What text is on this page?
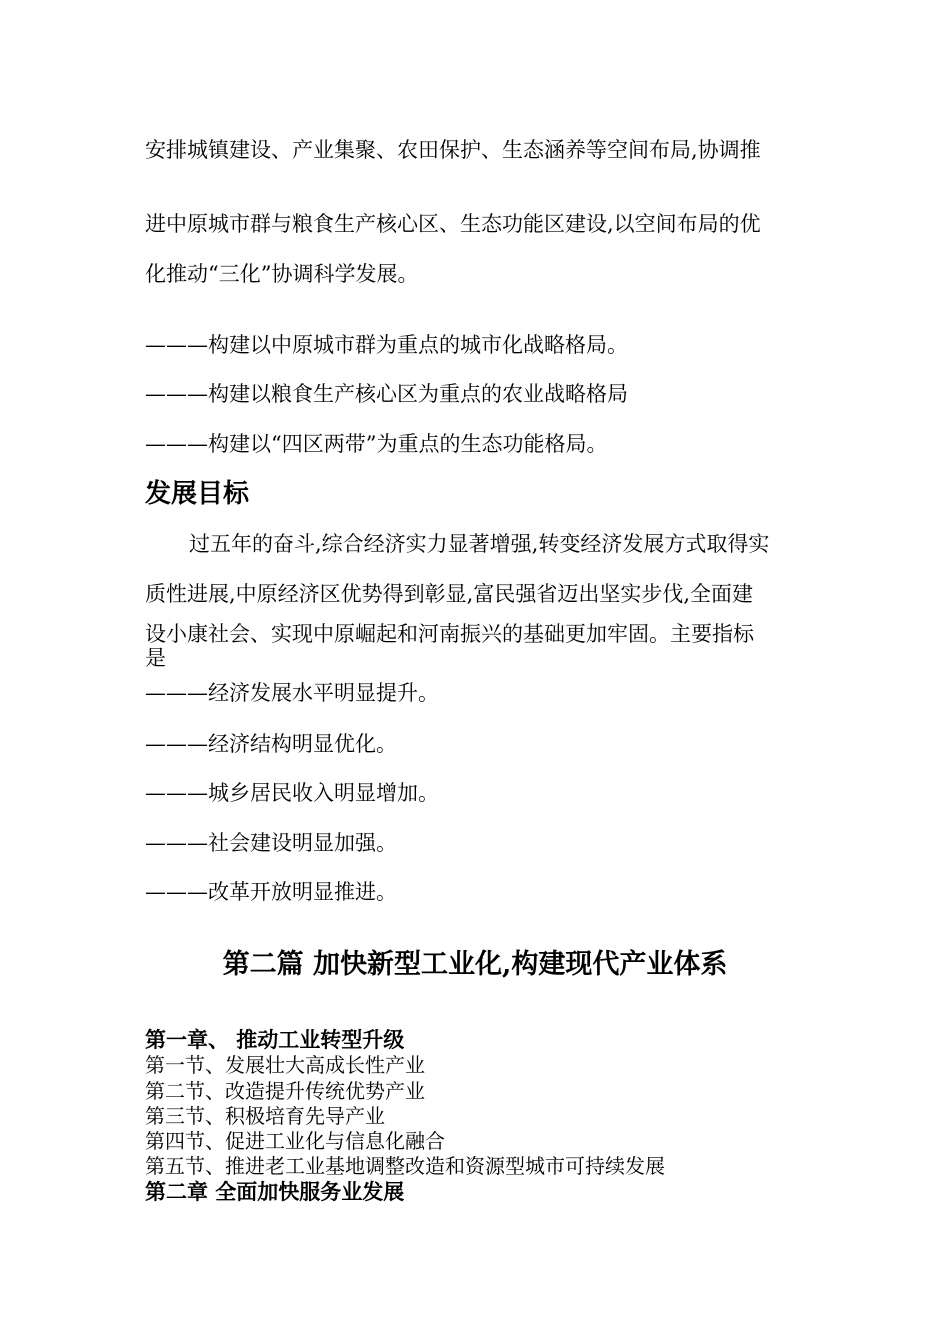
安排城镇建设、产业集聚、农田保护、生态涵养等空间布局,协调推
进中原城市群与粮食生产核心区、生态功能区建设,以空间布局的优
化推动“三化”协调科学发展。
———构建以中原城市群为重点的城市化战略格局。
———构建以粮食生产核心区为重点的农业战略格局
———构建以“四区两带”为重点的生态功能格局。
发展目标
过五年的奋斗,综合经济实力显著增强,转变经济发展方式取得实
质性进展,中原经济区优势得到彰显,富民强省迈出坚实步伐,全面建
设小康社会、实现中原崛起和河南振兴的基础更加牢固。主要指标
是
———经济发展水平明显提升。
———经济结构明显优化。
———城乡居民收入明显增加。
———社会建设明显加强。
———改革开放明显推进。
第二篇 加快新型工业化,构建现代产业体系
第一章、 推动工业转型升级
第一节、发展壮大高成长性产业
第二节、改造提升传统优势产业
第三节、积极培育先导产业
第四节、促进工业化与信息化融合
第五节、推进老工业基地调整改造和资源型城市可持续发展
第二章 全面加快服务业发展
